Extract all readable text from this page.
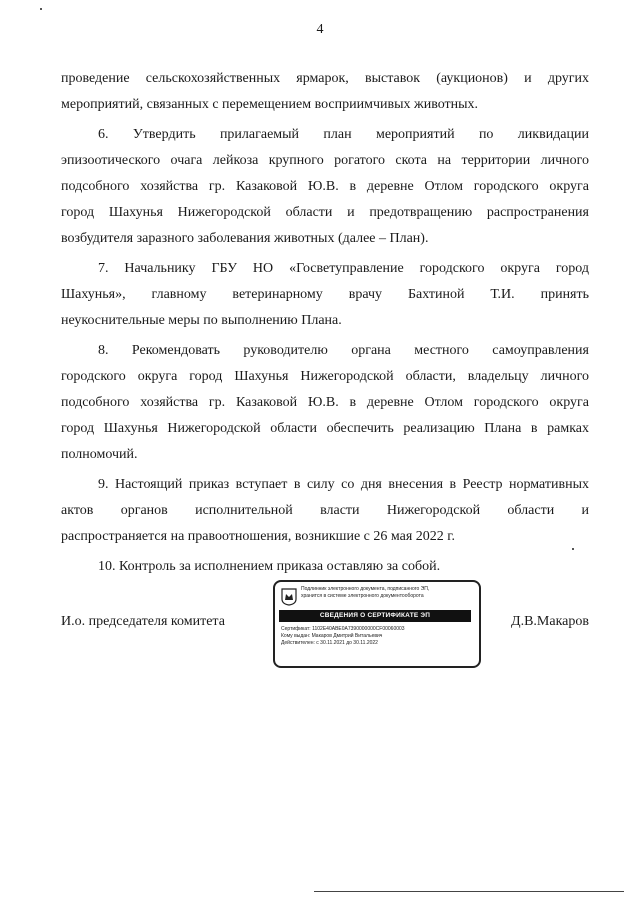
4

проведение сельскохозяйственных ярмарок, выставок (аукционов) и других
мероприятий, связанных с перемещением восприимчивых животных.

6. Утвердить прилагаемый план мероприятий по ликвидации
эпизоотического очага лейкоза крупного рогатого скота на территории личного
подсобного хозяйства гр. Казаковой Ю.В. в деревне Отлом городского округа
город Шахунья Нижегородской области и предотвращению распространения
возбудителя заразного заболевания животных (далее – План).

7. Начальнику ГБУ НО «Госветуправление городского округа город
Шахунья», главному ветеринарному врачу Бахтиной Т.И. принять
неукоснительные меры по выполнению Плана.

8. Рекомендовать руководителю органа местного самоуправления
городского округа город Шахунья Нижегородской области, владельцу личного
подсобного хозяйства гр. Казаковой Ю.В. в деревне Отлом городского округа
город Шахунья Нижегородской области обеспечить реализацию Плана в рамках
полномочий.

9. Настоящий приказ вступает в силу со дня внесения в Реестр нормативных
актов органов исполнительной власти Нижегородской области и
распространяется на правоотношения, возникшие с 26 мая 2022 г.

10. Контроль за исполнением приказа оставляю за собой.

И.о. председателя комитета
Подлинник электронного документа, подписанного ЭП,
хранится в системе электронного документооборота
СВЕДЕНИЯ О СЕРТИФИКАТЕ ЭП
Сертификат: 1102E40ABE0A7390000000CF00060003
Кому выдан: Макаров Дмитрий Витальевич
Действителен: с 30.11.2021 до 30.11.2022
Д.В.Макаров
